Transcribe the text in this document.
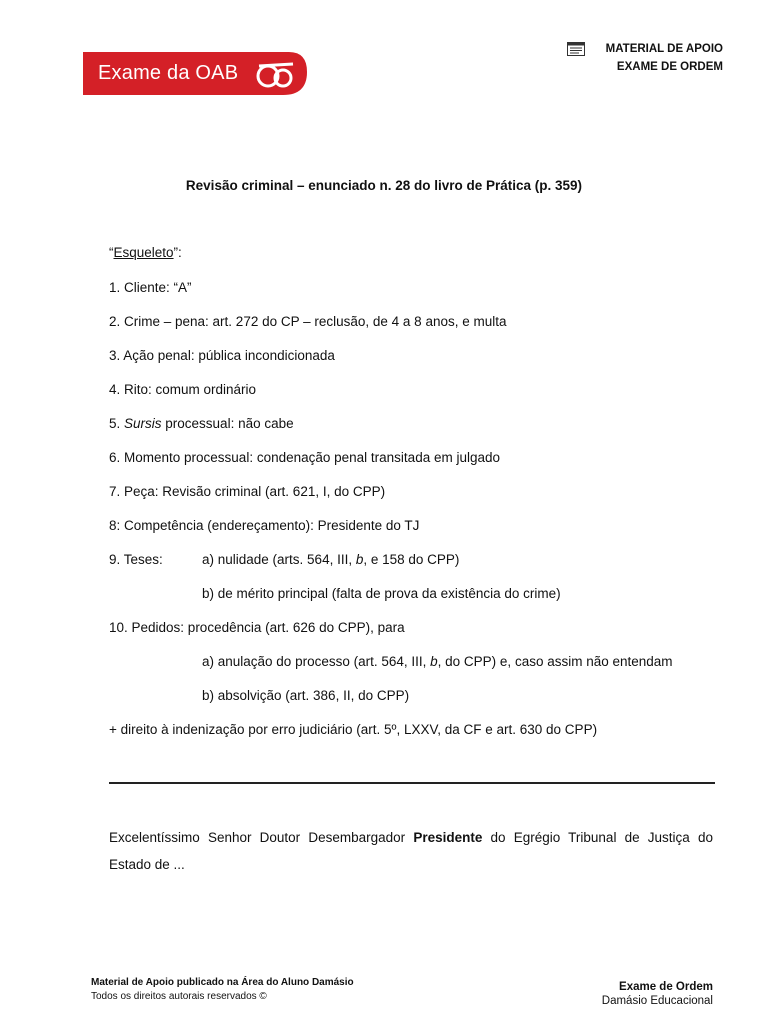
Exame da OAB
MATERIAL DE APOIO
EXAME DE ORDEM
Revisão criminal – enunciado n. 28 do livro de Prática (p. 359)
“Esqueleto”:
1. Cliente: “A”
2. Crime – pena: art. 272 do CP – reclusão, de 4 a 8 anos, e multa
3. Ação penal: pública incondicionada
4. Rito: comum ordinário
5. Sursis processual: não cabe
6. Momento processual: condenação penal transitada em julgado
7. Peça: Revisão criminal (art. 621, I, do CPP)
8: Competência (endereçamento): Presidente do TJ
9. Teses:	a) nulidade (arts. 564, III, b, e 158 do CPP)
b) de mérito principal (falta de prova da existência do crime)
10. Pedidos: procedência (art. 626 do CPP), para
a) anulação do processo (art. 564, III, b, do CPP) e, caso assim não entendam
b) absolvição (art. 386, II, do CPP)
+ direito à indenização por erro judiciário (art. 5º, LXXV, da CF e art. 630 do CPP)
Excelentíssimo Senhor Doutor Desembargador Presidente do Egrégio Tribunal de Justiça do Estado de ...
Material de Apoio publicado na Área do Aluno Damásio
Todos os direitos autorais reservados ©
Exame de Ordem
Damásio Educacional
